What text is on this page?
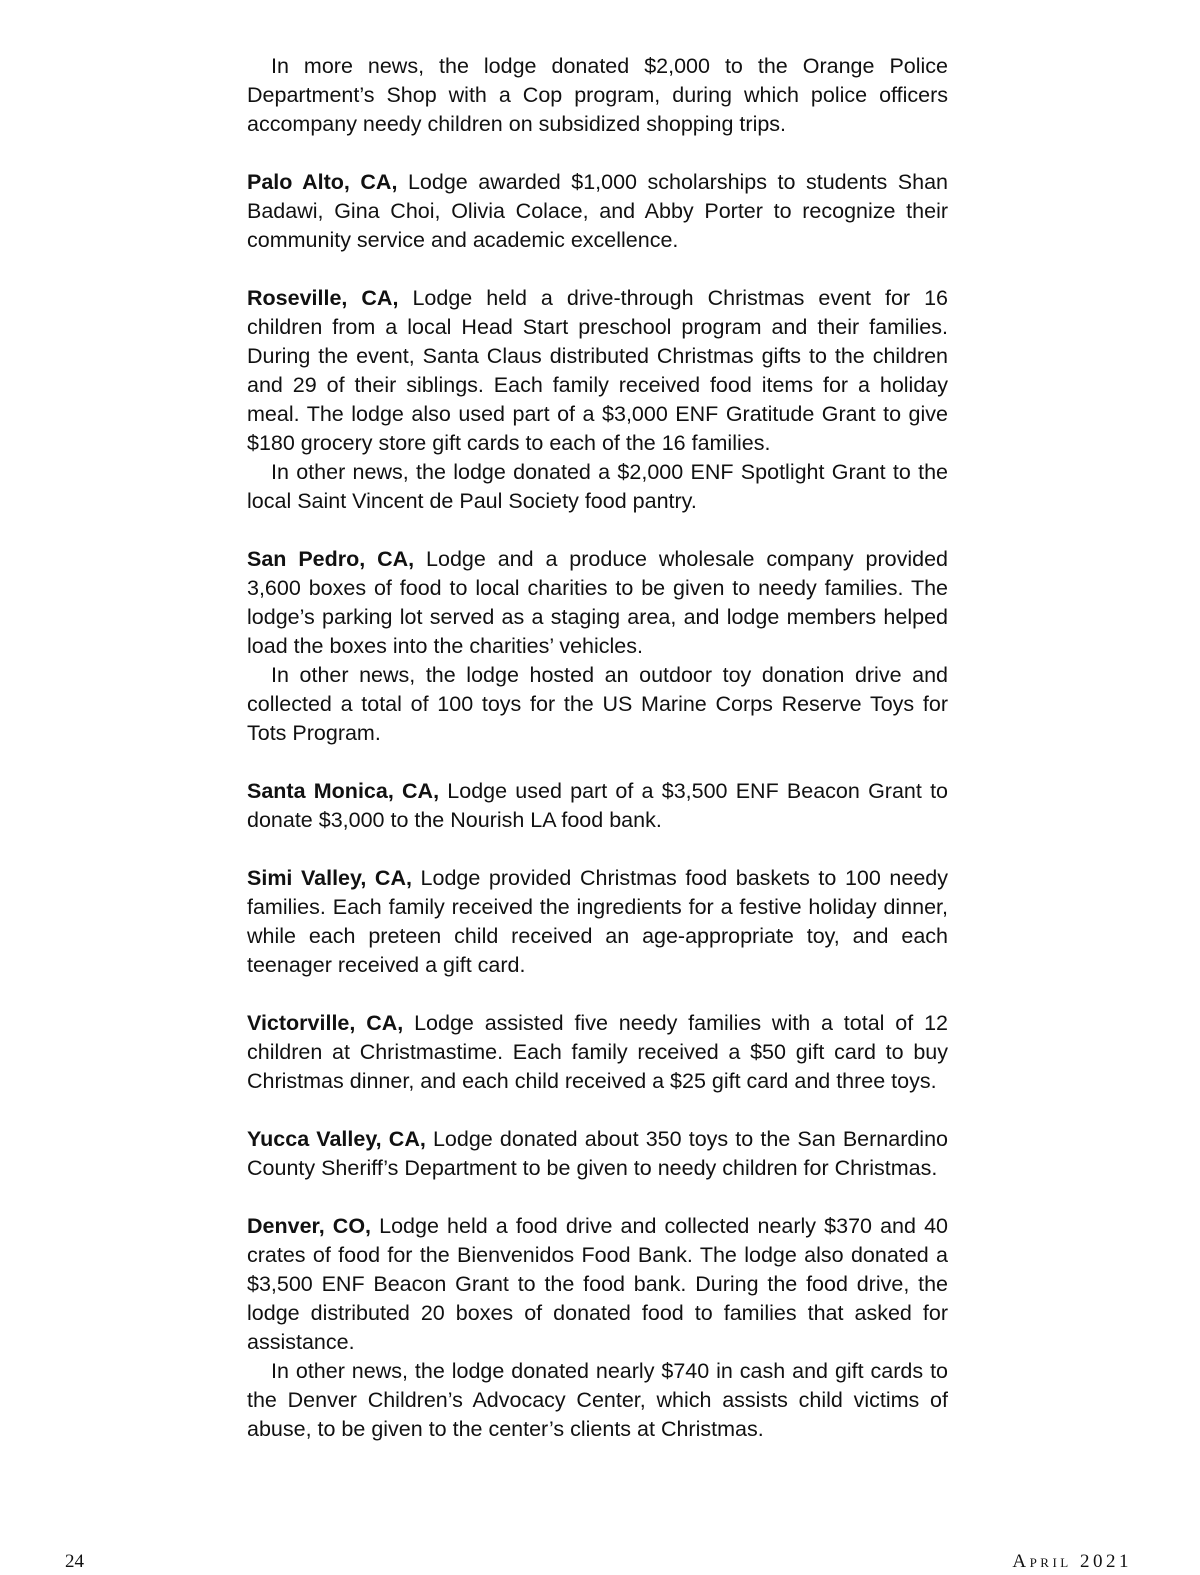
In more news, the lodge donated $2,000 to the Orange Police Department’s Shop with a Cop program, during which police officers accompany needy children on subsidized shopping trips.

Palo Alto, CA, Lodge awarded $1,000 scholarships to students Shan Badawi, Gina Choi, Olivia Colace, and Abby Porter to recognize their community service and academic excellence.

Roseville, CA, Lodge held a drive-through Christmas event for 16 children from a local Head Start preschool program and their families. During the event, Santa Claus distributed Christmas gifts to the children and 29 of their siblings. Each family received food items for a holiday meal. The lodge also used part of a $3,000 ENF Gratitude Grant to give $180 grocery store gift cards to each of the 16 families.

In other news, the lodge donated a $2,000 ENF Spotlight Grant to the local Saint Vincent de Paul Society food pantry.

San Pedro, CA, Lodge and a produce wholesale company provided 3,600 boxes of food to local charities to be given to needy families. The lodge’s parking lot served as a staging area, and lodge members helped load the boxes into the charities’ vehicles.

In other news, the lodge hosted an outdoor toy donation drive and collected a total of 100 toys for the US Marine Corps Reserve Toys for Tots Program.

Santa Monica, CA, Lodge used part of a $3,500 ENF Beacon Grant to donate $3,000 to the Nourish LA food bank.

Simi Valley, CA, Lodge provided Christmas food baskets to 100 needy families. Each family received the ingredients for a festive holiday dinner, while each preteen child received an age-appropriate toy, and each teenager received a gift card.

Victorville, CA, Lodge assisted five needy families with a total of 12 children at Christmastime. Each family received a $50 gift card to buy Christmas dinner, and each child received a $25 gift card and three toys.

Yucca Valley, CA, Lodge donated about 350 toys to the San Bernardino County Sheriff’s Department to be given to needy children for Christmas.

Denver, CO, Lodge held a food drive and collected nearly $370 and 40 crates of food for the Bienvenidos Food Bank. The lodge also donated a $3,500 ENF Beacon Grant to the food bank. During the food drive, the lodge distributed 20 boxes of donated food to families that asked for assistance.

In other news, the lodge donated nearly $740 in cash and gift cards to the Denver Children’s Advocacy Center, which assists child victims of abuse, to be given to the center’s clients at Christmas.

24	April 2021
